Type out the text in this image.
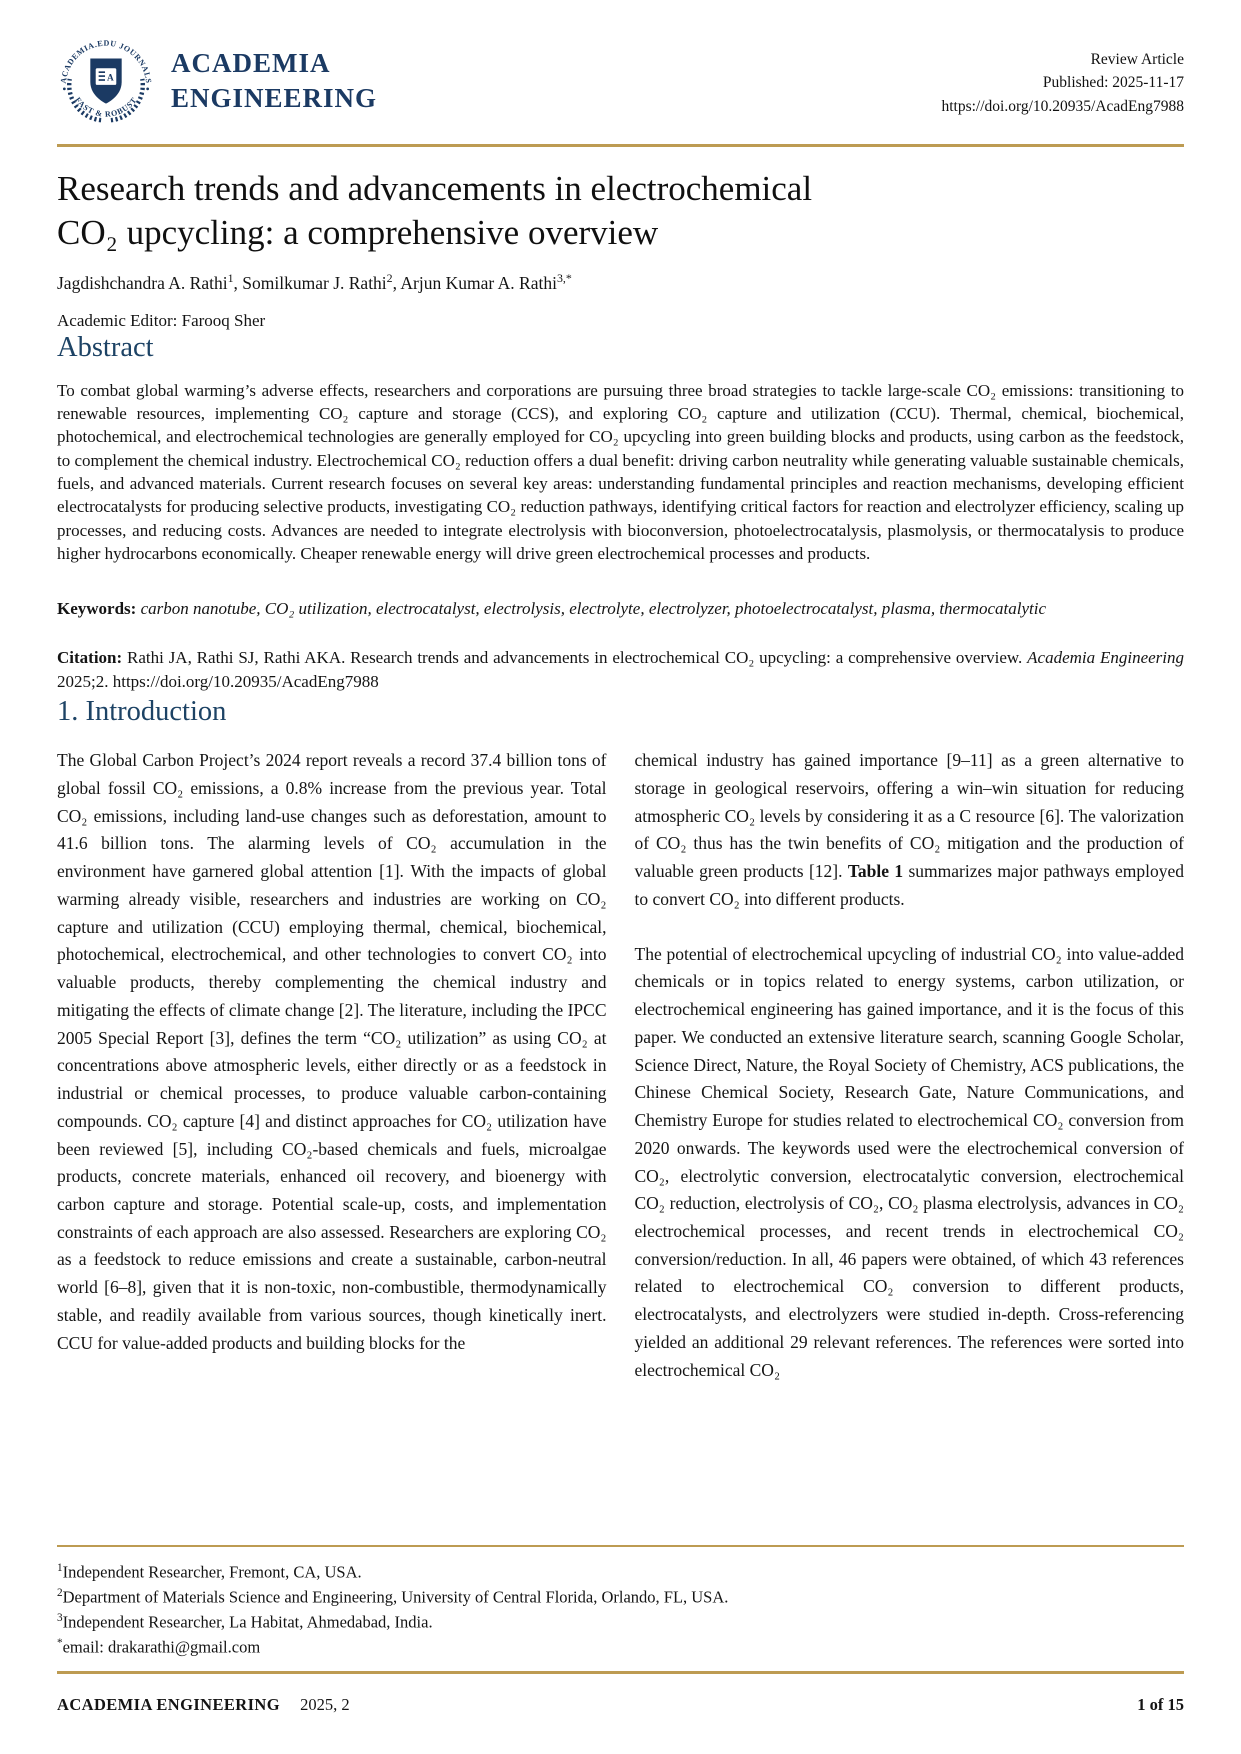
ACADEMIA.EDU JOURNALS
FAST & ROBUST
A
ACADEMIA
ENGINEERING
Review Article
Published: 2025-11-17
https://doi.org/10.20935/AcadEng7988
Research trends and advancements in electrochemical
CO₂ upcycling: a comprehensive overview
Jagdishchandra A. Rathi$^1$, Somilkumar J. Rathi$^2$, Arjun Kumar A. Rathi$^{3,*}$
Academic Editor: Farooq Sher
Abstract

To combat global warming’s adverse effects, researchers and corporations are pursuing three broad strategies to tackle large-scale CO₂ emissions: transitioning to renewable resources, implementing CO₂ capture and storage (CCS), and exploring CO₂ capture and utilization (CCU). Thermal, chemical, biochemical, photochemical, and electrochemical technologies are generally employed for CO₂ upcycling into green building blocks and products, using carbon as the feedstock, to complement the chemical industry. Electrochemical CO₂ reduction offers a dual benefit: driving carbon neutrality while generating valuable sustainable chemicals, fuels, and advanced materials. Current research focuses on several key areas: understanding fundamental principles and reaction mechanisms, developing efficient electrocatalysts for producing selective products, investigating CO₂ reduction pathways, identifying critical factors for reaction and electrolyzer efficiency, scaling up processes, and reducing costs. Advances are needed to integrate electrolysis with bioconversion, photoelectrocatalysis, plasmolysis, or thermocatalysis to produce higher hydrocarbons economically. Cheaper renewable energy will drive green electrochemical processes and products.

Keywords: carbon nanotube, CO₂ utilization, electrocatalyst, electrolysis, electrolyte, electrolyzer, photoelectrocatalyst, plasma, thermocatalytic

Citation: Rathi JA, Rathi SJ, Rathi AKA. Research trends and advancements in electrochemical CO₂ upcycling: a comprehensive overview. Academia Engineering 2025;2. https://doi.org/10.20935/AcadEng7988

1. Introduction

The Global Carbon Project’s 2024 report reveals a record 37.4 billion tons of global fossil CO₂ emissions, a 0.8% increase from the previous year. Total CO₂ emissions, including land-use changes such as deforestation, amount to 41.6 billion tons. The alarming levels of CO₂ accumulation in the environment have garnered global attention [1]. With the impacts of global warming already visible, researchers and industries are working on CO₂ capture and utilization (CCU) employing thermal, chemical, biochemical, photochemical, electrochemical, and other technologies to convert CO₂ into valuable products, thereby complementing the chemical industry and mitigating the effects of climate change [2]. The literature, including the IPCC 2005 Special Report [3], defines the term “CO₂ utilization” as using CO₂ at concentrations above atmospheric levels, either directly or as a feedstock in industrial or chemical processes, to produce valuable carbon-containing compounds. CO₂ capture [4] and distinct approaches for CO₂ utilization have been reviewed [5], including CO₂-based chemicals and fuels, microalgae products, concrete materials, enhanced oil recovery, and bioenergy with carbon capture and storage. Potential scale-up, costs, and implementation constraints of each approach are also assessed. Researchers are exploring CO₂ as a feedstock to reduce emissions and create a sustainable, carbon-neutral world [6–8], given that it is non-toxic, non-combustible, thermodynamically stable, and readily available from various sources, though kinetically inert. CCU for value-added products and building blocks for the

chemical industry has gained importance [9–11] as a green alternative to storage in geological reservoirs, offering a win–win situation for reducing atmospheric CO₂ levels by considering it as a C resource [6]. The valorization of CO₂ thus has the twin benefits of CO₂ mitigation and the production of valuable green products [12]. Table 1 summarizes major pathways employed to convert CO₂ into different products.

The potential of electrochemical upcycling of industrial CO₂ into value-added chemicals or in topics related to energy systems, carbon utilization, or electrochemical engineering has gained importance, and it is the focus of this paper. We conducted an extensive literature search, scanning Google Scholar, Science Direct, Nature, the Royal Society of Chemistry, ACS publications, the Chinese Chemical Society, Research Gate, Nature Communications, and Chemistry Europe for studies related to electrochemical CO₂ conversion from 2020 onwards. The keywords used were the electrochemical conversion of CO₂, electrolytic conversion, electrocatalytic conversion, electrochemical CO₂ reduction, electrolysis of CO₂, CO₂ plasma electrolysis, advances in CO₂ electrochemical processes, and recent trends in electrochemical CO₂ conversion/reduction. In all, 46 papers were obtained, of which 43 references related to electrochemical CO₂ conversion to different products, electrocatalysts, and electrolyzers were studied in-depth. Cross-referencing yielded an additional 29 relevant references. The references were sorted into electrochemical CO₂

$^1$Independent Researcher, Fremont, CA, USA.

$^2$Department of Materials Science and Engineering, University of Central Florida, Orlando, FL, USA.

$^3$Independent Researcher, La Habitat, Ahmedabad, India.

*email: drakarathi@gmail.com

ACADEMIA ENGINEERING 2025, 2	1 of 15
